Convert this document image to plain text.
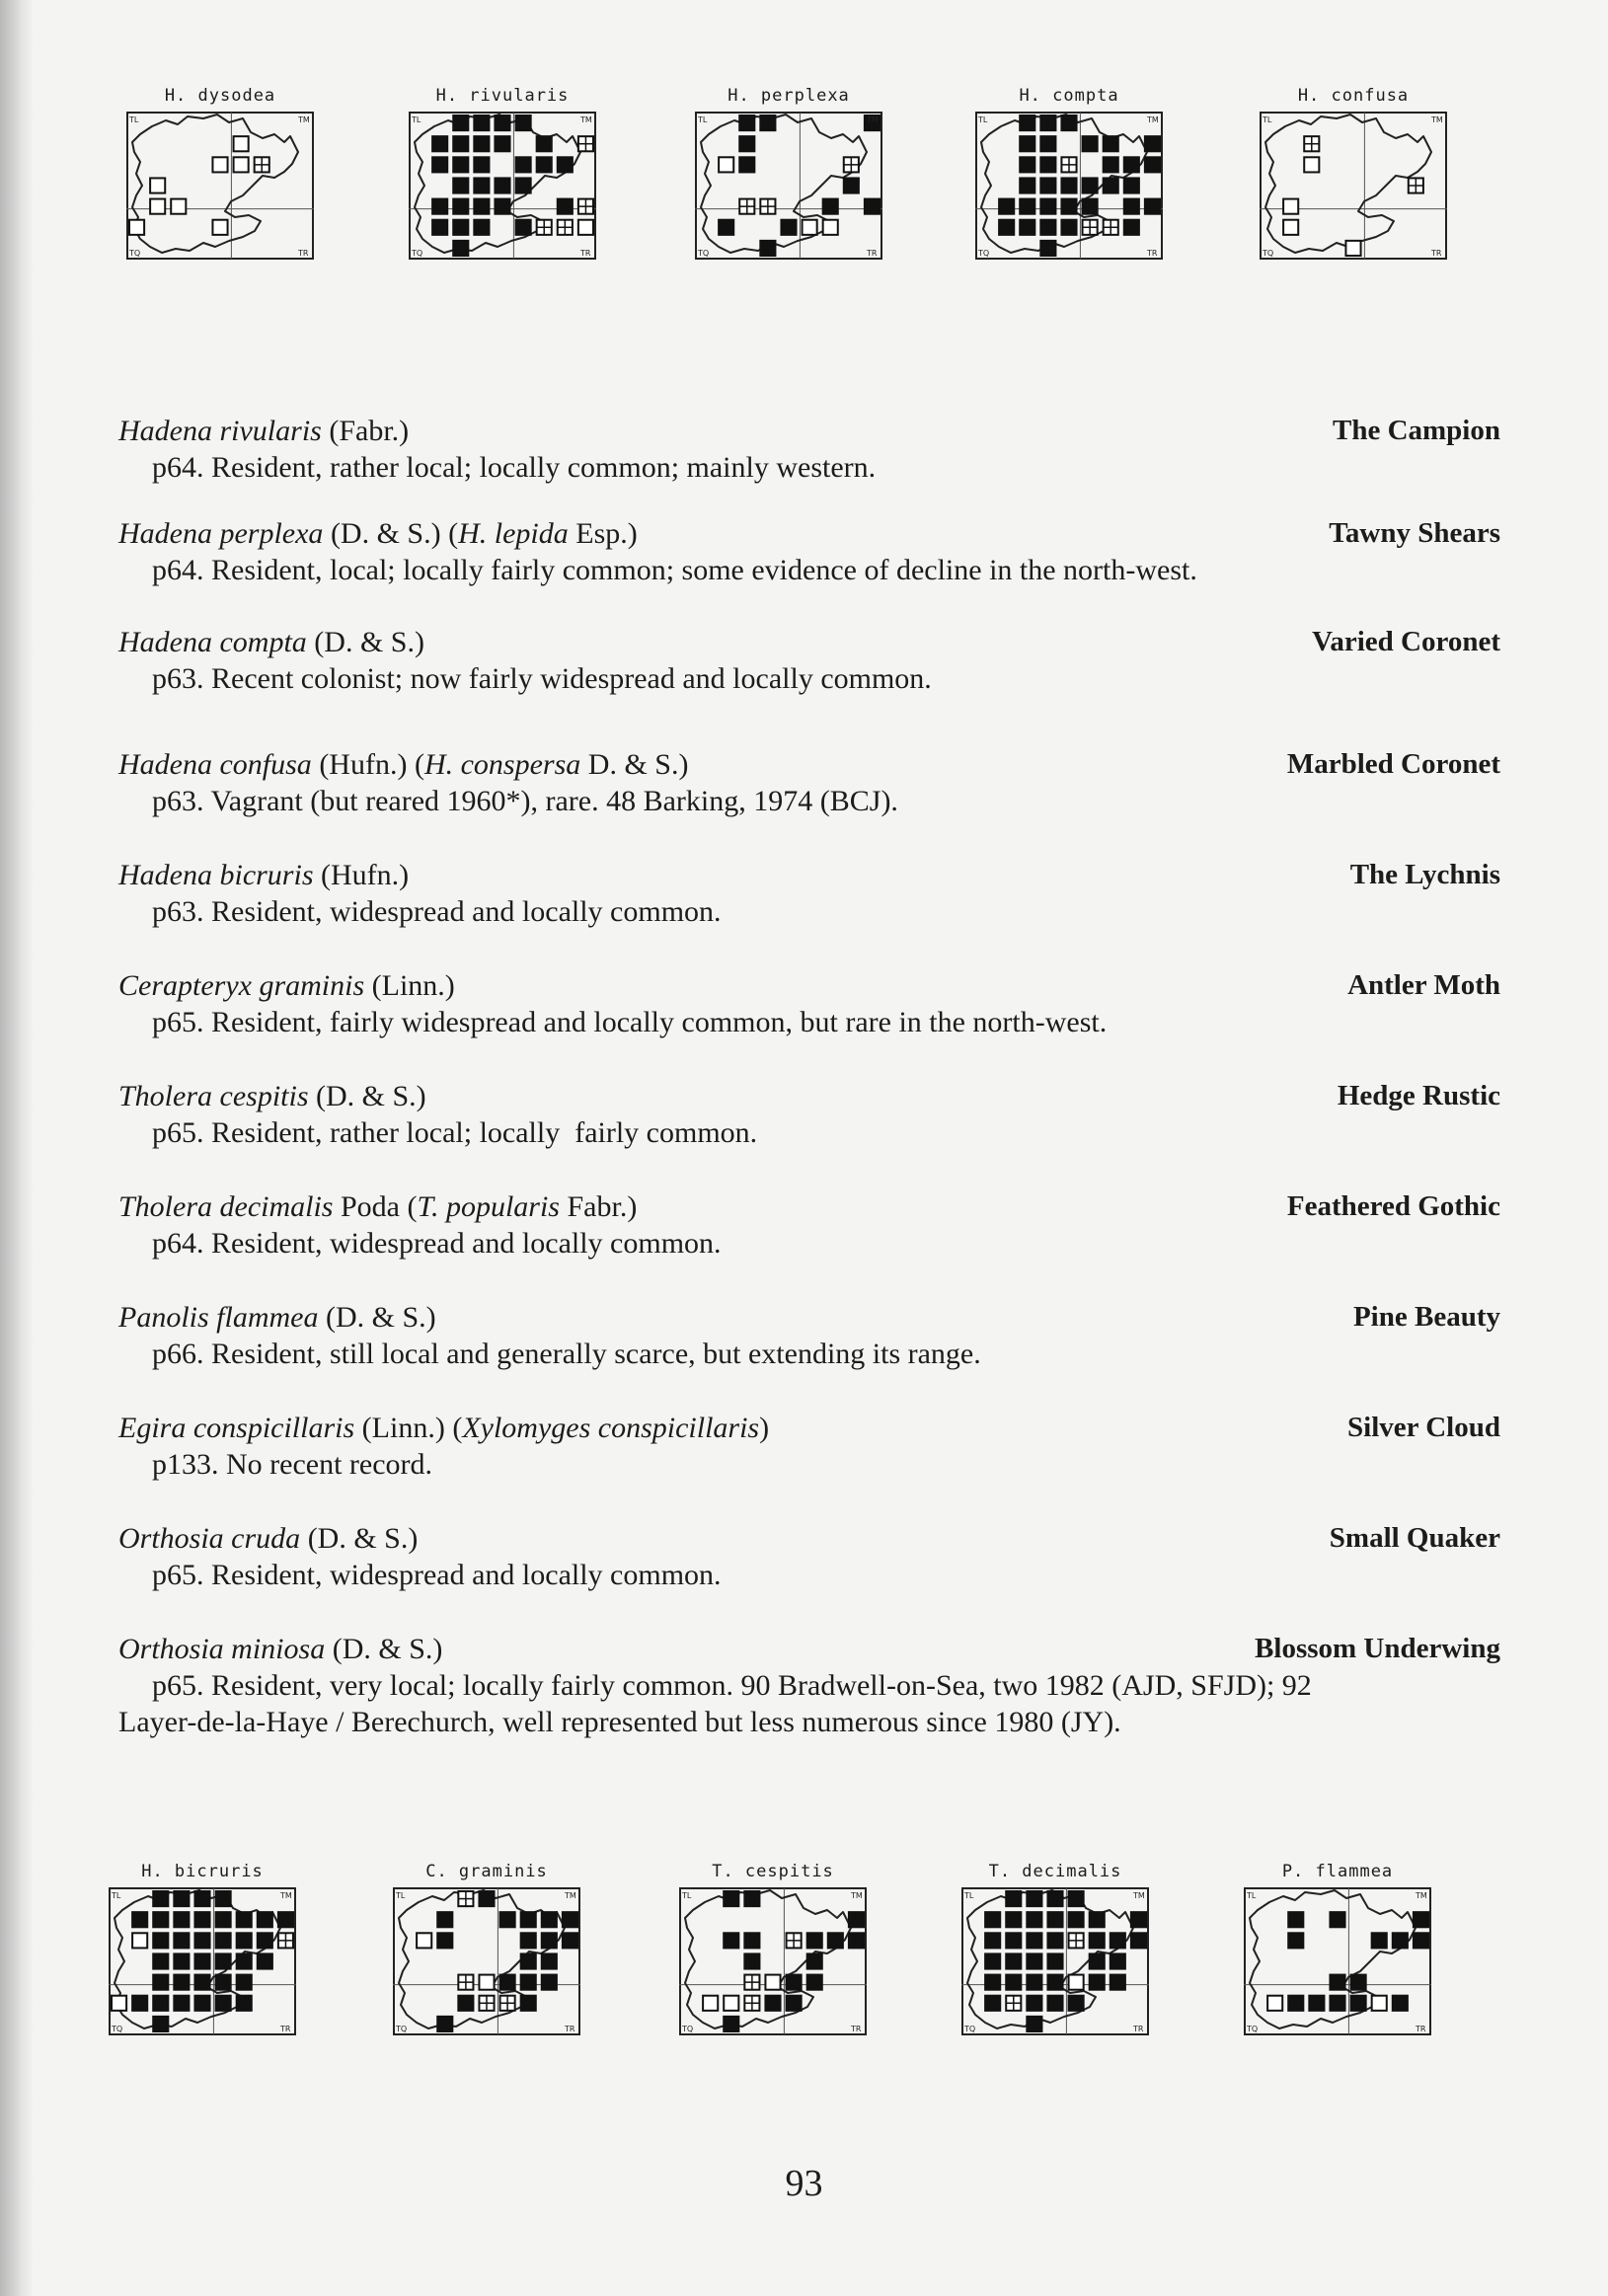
H. dysodea
TL	TM
TQ	TR
H. rivularis
TL	TM
TQ	TR
H. perplexa
TL	TM
TQ	TR
H. compta
TL	TM
TQ	TR
H. confusa
TL	TM
TQ	TR
Hadena rivularis (Fabr.)	The Campion
p64. Resident, rather local; locally common; mainly western.
Hadena perplexa (D. & S.) (H. lepida Esp.)	Tawny Shears
p64. Resident, local; locally fairly common; some evidence of decline in the north-west.
Hadena compta (D. & S.)	Varied Coronet
p63. Recent colonist; now fairly widespread and locally common.
Hadena confusa (Hufn.) (H. conspersa D. & S.)	Marbled Coronet
p63. Vagrant (but reared 1960*), rare. 48 Barking, 1974 (BCJ).
Hadena bicruris (Hufn.)	The Lychnis
p63. Resident, widespread and locally common.
Cerapteryx graminis (Linn.)	Antler Moth
p65. Resident, fairly widespread and locally common, but rare in the north-west.
Tholera cespitis (D. & S.)	Hedge Rustic
p65. Resident, rather local; locally  fairly common.
Tholera decimalis Poda (T. popularis Fabr.)	Feathered Gothic
p64. Resident, widespread and locally common.
Panolis flammea (D. & S.)	Pine Beauty
p66. Resident, still local and generally scarce, but extending its range.
Egira conspicillaris (Linn.) (Xylomyges conspicillaris)	Silver Cloud
p133. No recent record.
Orthosia cruda (D. & S.)	Small Quaker
p65. Resident, widespread and locally common.
Orthosia miniosa (D. & S.)	Blossom Underwing
p65. Resident, very local; locally fairly common. 90 Bradwell-on-Sea, two 1982 (AJD, SFJD); 92
Layer-de-la-Haye / Berechurch, well represented but less numerous since 1980 (JY).
H. bicruris
TL	TM
TQ	TR
C. graminis
TL	TM
TQ	TR
T. cespitis
TL	TM
TQ	TR
T. decimalis
TL	TM
TQ	TR
P. flammea
TL	TM
TQ	TR
93
